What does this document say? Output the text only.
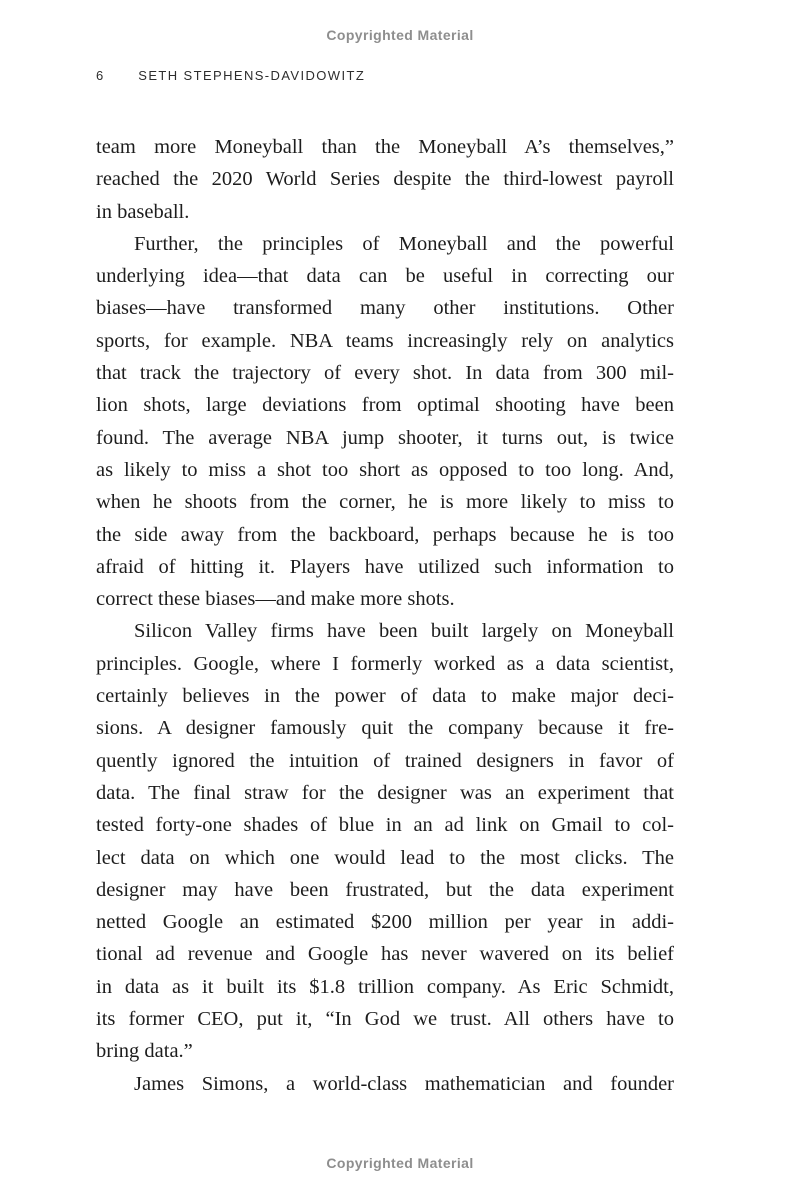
Copyrighted Material
6	SETH STEPHENS-DAVIDOWITZ
team more Moneyball than the Moneyball A’s themselves,”
reached the 2020 World Series despite the third-lowest payroll
in baseball.
Further, the principles of Moneyball and the powerful
underlying idea—that data can be useful in correcting our
biases—have transformed many other institutions. Other
sports, for example. NBA teams increasingly rely on analytics
that track the trajectory of every shot. In data from 300 mil-
lion shots, large deviations from optimal shooting have been
found. The average NBA jump shooter, it turns out, is twice
as likely to miss a shot too short as opposed to too long. And,
when he shoots from the corner, he is more likely to miss to
the side away from the backboard, perhaps because he is too
afraid of hitting it. Players have utilized such information to
correct these biases—and make more shots.
Silicon Valley firms have been built largely on Moneyball
principles. Google, where I formerly worked as a data scientist,
certainly believes in the power of data to make major deci-
sions. A designer famously quit the company because it fre-
quently ignored the intuition of trained designers in favor of
data. The final straw for the designer was an experiment that
tested forty-one shades of blue in an ad link on Gmail to col-
lect data on which one would lead to the most clicks. The
designer may have been frustrated, but the data experiment
netted Google an estimated $200 million per year in addi-
tional ad revenue and Google has never wavered on its belief
in data as it built its $1.8 trillion company. As Eric Schmidt,
its former CEO, put it, “In God we trust. All others have to
bring data.”
James Simons, a world-class mathematician and founder
Copyrighted Material
